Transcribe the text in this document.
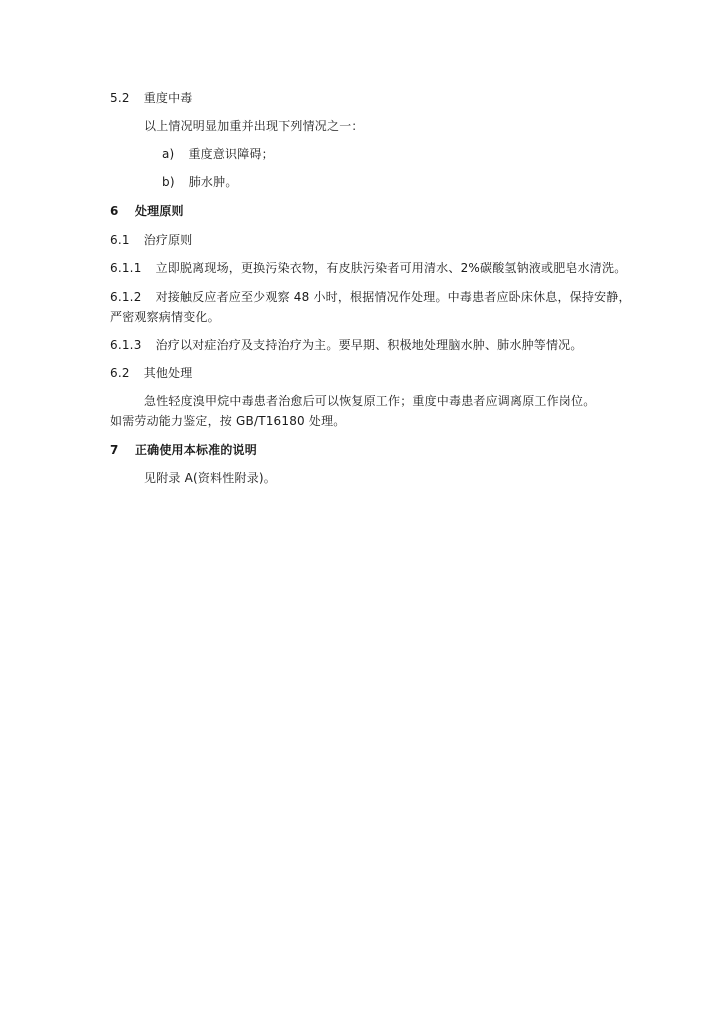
5.2 重度中毒
以上情况明显加重并出现下列情况之一：
a) 重度意识障碍；
b) 肺水肿。
6 处理原则
6.1 治疗原则
6.1.1 立即脱离现场，更换污染衣物，有皮肤污染者可用清水、2%碳酸氢钠液或肥皂水清洗。
6.1.2 对接触反应者应至少观察 48 小时，根据情况作处理。中毒患者应卧床休息，保持安静，
严密观察病情变化。
6.1.3 治疗以对症治疗及支持治疗为主。要早期、积极地处理脑水肿、肺水肿等情况。
6.2 其他处理
急性轻度溴甲烷中毒患者治愈后可以恢复原工作；重度中毒患者应调离原工作岗位。
如需劳动能力鉴定，按 GB/T16180 处理。
7 正确使用本标准的说明
见附录 A(资料性附录)。
